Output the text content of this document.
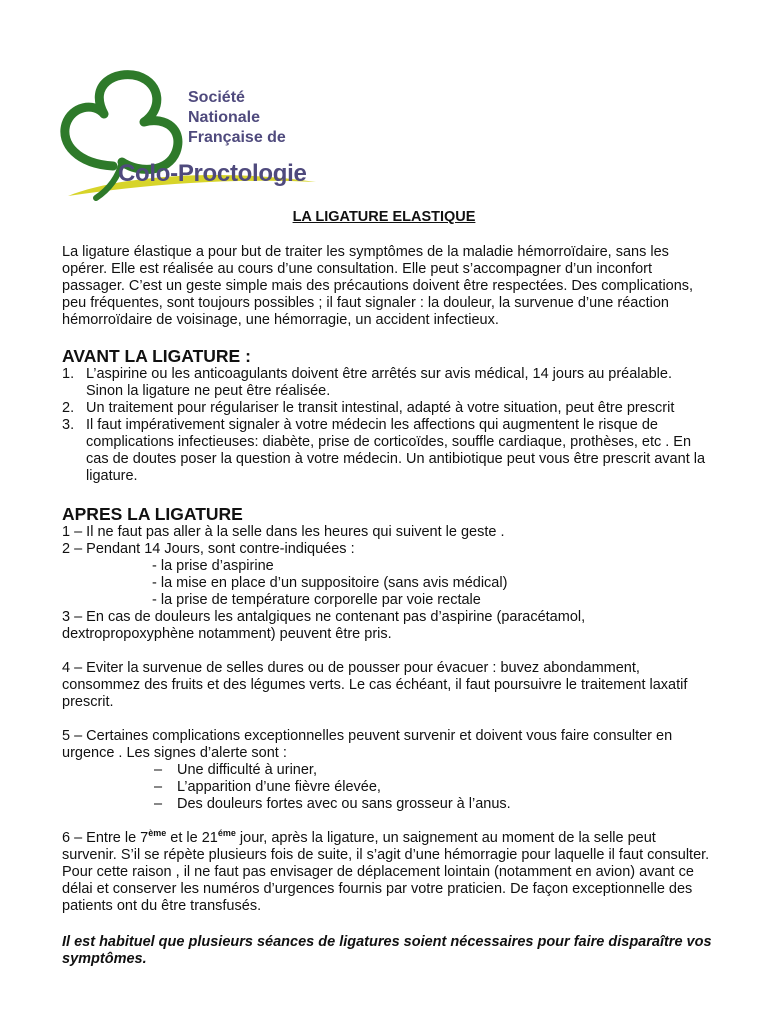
Société
Nationale
Française de
Colo-Proctologie
LA LIGATURE ELASTIQUE

La ligature élastique a pour but de traiter les symptômes de la maladie hémorroïdaire, sans les opérer. Elle est réalisée au cours d’une consultation. Elle peut s’accompagner d’un inconfort passager. C’est un geste simple mais des précautions doivent être respectées. Des complications, peu fréquentes, sont toujours possibles ; il faut signaler : la douleur, la survenue d’une réaction hémorroïdaire de voisinage, une hémorragie, un accident infectieux.

AVANT LA LIGATURE :
1. L’aspirine ou les anticoagulants doivent être arrêtés sur avis médical, 14 jours au préalable. Sinon la ligature ne peut être réalisée.
2. Un traitement pour régulariser le transit intestinal, adapté à votre situation, peut être prescrit
3. Il faut impérativement signaler à votre médecin les affections qui augmentent le risque de complications infectieuses: diabète, prise de corticoïdes, souffle cardiaque, prothèses, etc . En cas de doutes poser la question à votre médecin. Un antibiotique peut vous être prescrit avant la ligature.
APRES LA LIGATURE

1 – Il ne faut pas aller à la selle dans les heures qui suivent le geste .

2 – Pendant 14 Jours, sont contre-indiquées :

- la prise d’aspirine

- la mise en place d’un suppositoire (sans avis médical)

- la prise de température corporelle par voie rectale

3 – En cas de douleurs les antalgiques ne contenant pas d’aspirine (paracétamol, dextropropoxyphène notamment) peuvent être pris.

4 – Eviter la survenue de selles dures ou de pousser pour évacuer : buvez abondamment, consommez des fruits et des légumes verts. Le cas échéant, il faut poursuivre le traitement laxatif prescrit.

5 – Certaines complications exceptionnelles peuvent survenir et doivent vous faire consulter en urgence . Les signes d’alerte sont :

– Une difficulté à uriner,
– L’apparition d’une fièvre élevée,
– Des douleurs fortes avec ou sans grosseur à l’anus.

6 – Entre le 7ème et le $21^{éme}$ jour, après la ligature, un saignement au moment de la selle peut survenir. S’il se répète plusieurs fois de suite, il s’agit d’une hémorragie pour laquelle il faut consulter. Pour cette raison , il ne faut pas envisager de déplacement lointain (notamment en avion) avant ce délai et conserver les numéros d’urgences fournis par votre praticien. De façon exceptionnelle des patients ont du être transfusés.

Il est habituel que plusieurs séances de ligatures soient nécessaires pour faire disparaître vos symptômes.
